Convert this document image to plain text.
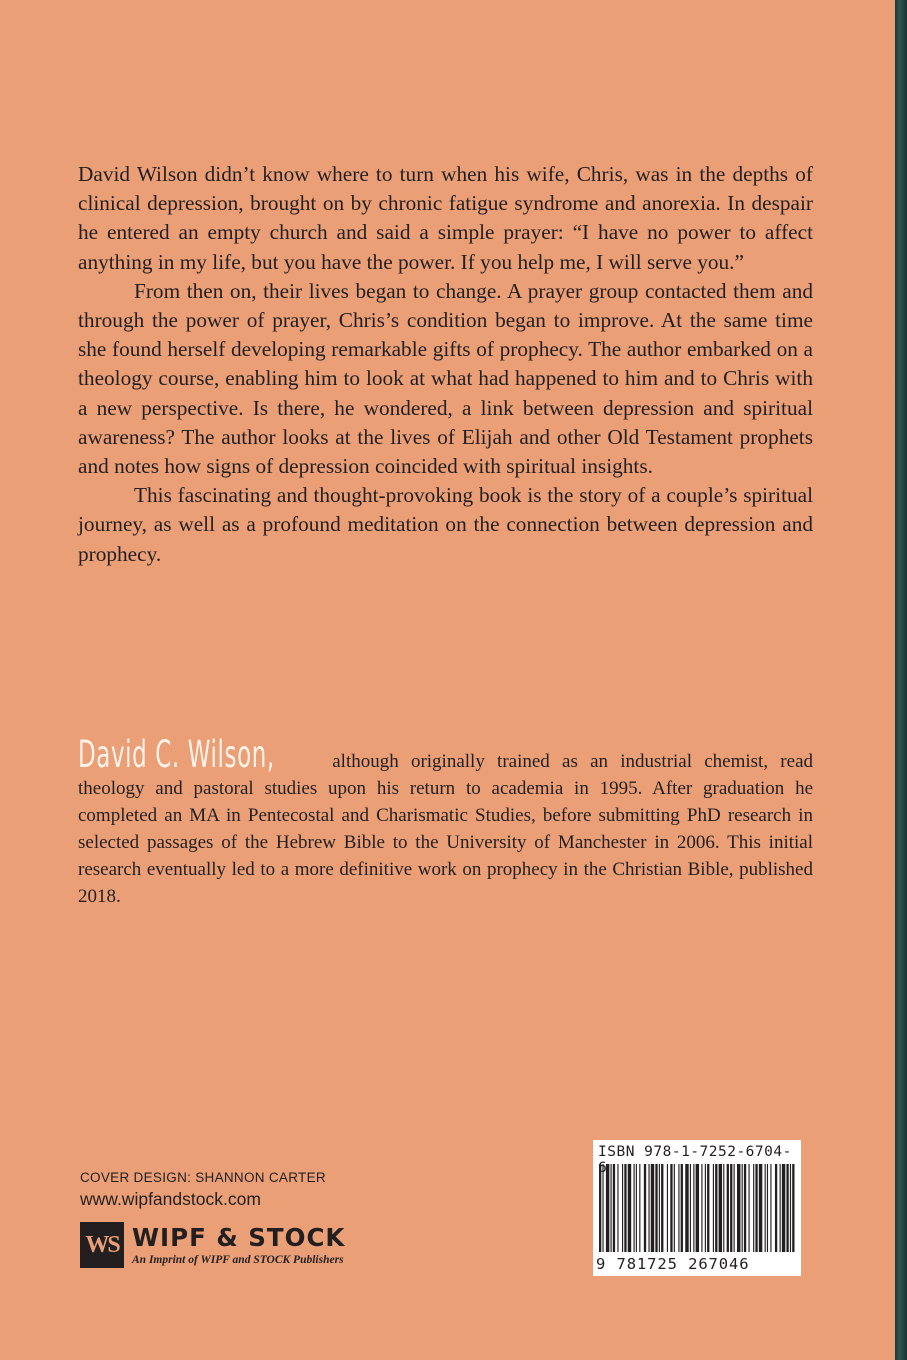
David Wilson didn’t know where to turn when his wife, Chris, was in the depths of clinical depression, brought on by chronic fatigue syndrome and anorexia. In despair he entered an empty church and said a simple prayer: “I have no power to affect anything in my life, but you have the power. If you help me, I will serve you.”

From then on, their lives began to change. A prayer group contacted them and through the power of prayer, Chris’s condition began to improve. At the same time she found herself developing remarkable gifts of prophecy. The author embarked on a theology course, enabling him to look at what had happened to him and to Chris with a new perspective. Is there, he wondered, a link between depression and spiritual awareness? The author looks at the lives of Elijah and other Old Testament prophets and notes how signs of depression coincided with spiritual insights.

This fascinating and thought-provoking book is the story of a couple’s spiritual journey, as well as a profound meditation on the connection between depression and prophecy.

David C. Wilson, although originally trained as an industrial chemist, read theology and pastoral studies upon his return to academia in 1995. After graduation he completed an MA in Pentecostal and Charismatic Studies, before submitting PhD research in selected passages of the Hebrew Bible to the University of Manchester in 2006. This initial research eventually led to a more definitive work on prophecy in the Christian Bible, published 2018.

COVER DESIGN: SHANNON CARTER
www.wipfandstock.com
WS WIPF & STOCK
An Imprint of WIPF and STOCK Publishers
ISBN 978-1-7252-6704-6
9 781725 267046
